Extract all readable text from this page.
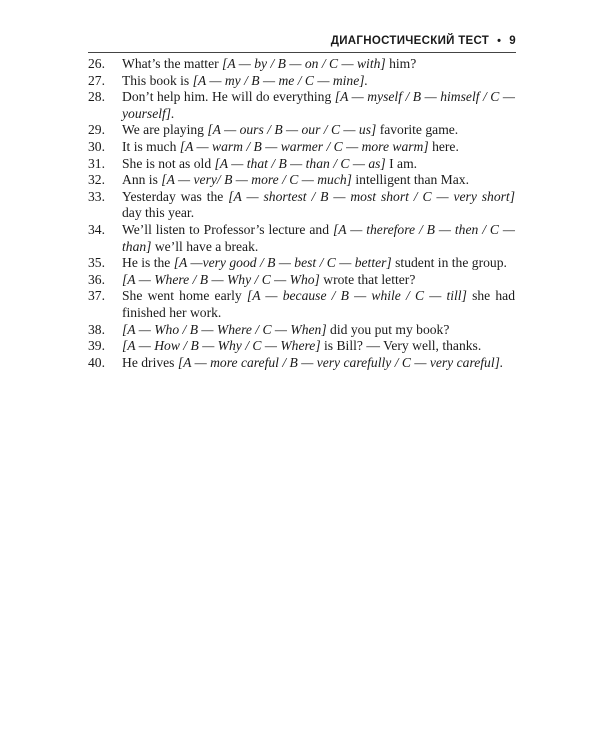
ДИАГНОСТИЧЕСКИЙ ТЕСТ • 9
26.	What’s the matter [A — by / B — on / C — with] him?
27.	This book is [A — my / B — me / C — mine].
28.	Don’t help him. He will do everything [A — myself / B — himself / C — yourself].
29.	We are playing [A — ours / B — our / C — us] favorite game.
30.	It is much [A — warm / B — warmer / C — more warm] here.
31.	She is not as old [A — that / B — than / C — as] I am.
32.	Ann is [A — very/ B — more / C — much] intelligent than Max.
33.	Yesterday was the [A — shortest / B — most short / C — very short] day this year.
34.	We’ll listen to Professor’s lecture and [A — therefore / B — then / C — than] we’ll have a break.
35.	He is the [A —very good / B — best / C — better] student in the group.
36.	[A — Where / B — Why / C — Who] wrote that letter?
37.	She went home early [A — because / B — while / C — till] she had finished her work.
38.	[A — Who / B — Where / C — When] did you put my book?
39.	[A — How / B — Why / C — Where] is Bill? — Very well, thanks.
40.	He drives [A — more careful / B — very carefully / C — very careful].
